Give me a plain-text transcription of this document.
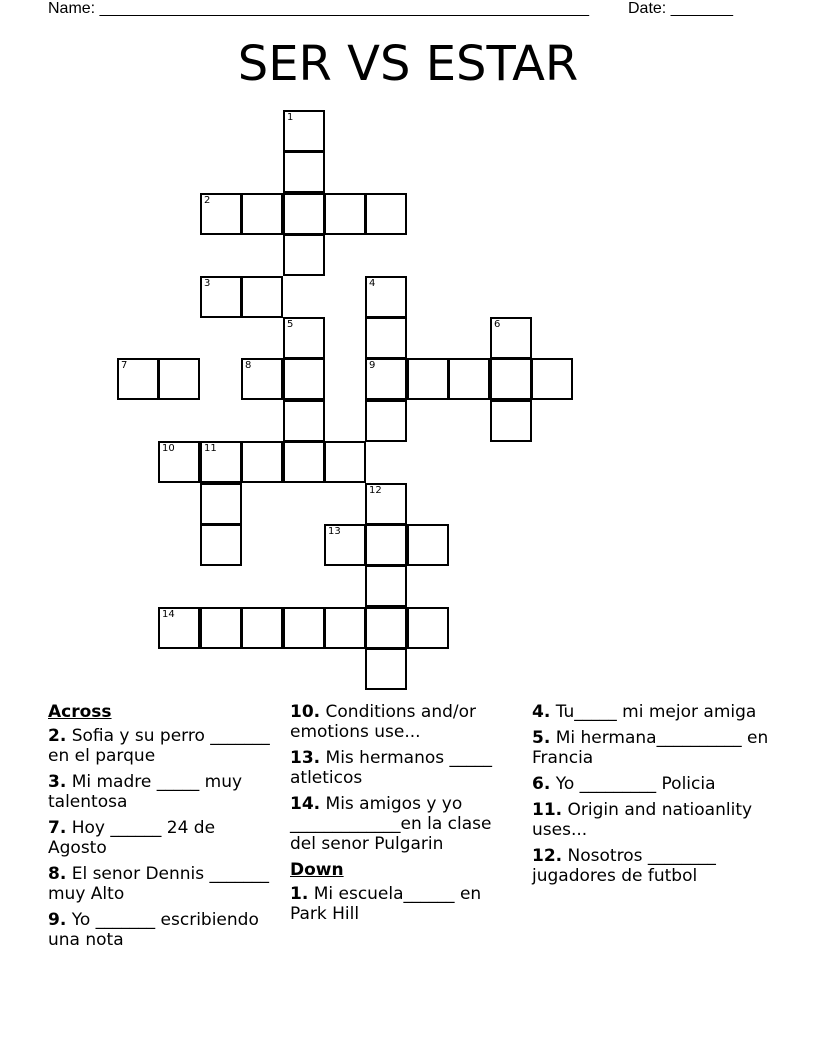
Name: _______________________________________________________ Date: _______
SER VS ESTAR
1
2
3	4
5	6
7	8	9
10	11
12
13
14
Across
2. Sofia y su perro _______ en el parque
3. Mi madre _____ muy talentosa
7. Hoy ______ 24 de Agosto
8. El senor Dennis _______ muy Alto
9. Yo _______ escribiendo una nota
10. Conditions and/or emotions use...
13. Mis hermanos _____ atleticos
14. Mis amigos y yo _____________en la clase del senor Pulgarin
Down
1. Mi escuela______ en Park Hill
4. Tu_____ mi mejor amiga
5. Mi hermana__________ en Francia
6. Yo _________ Policia
11. Origin and natioanlity uses...
12. Nosotros ________ jugadores de futbol
